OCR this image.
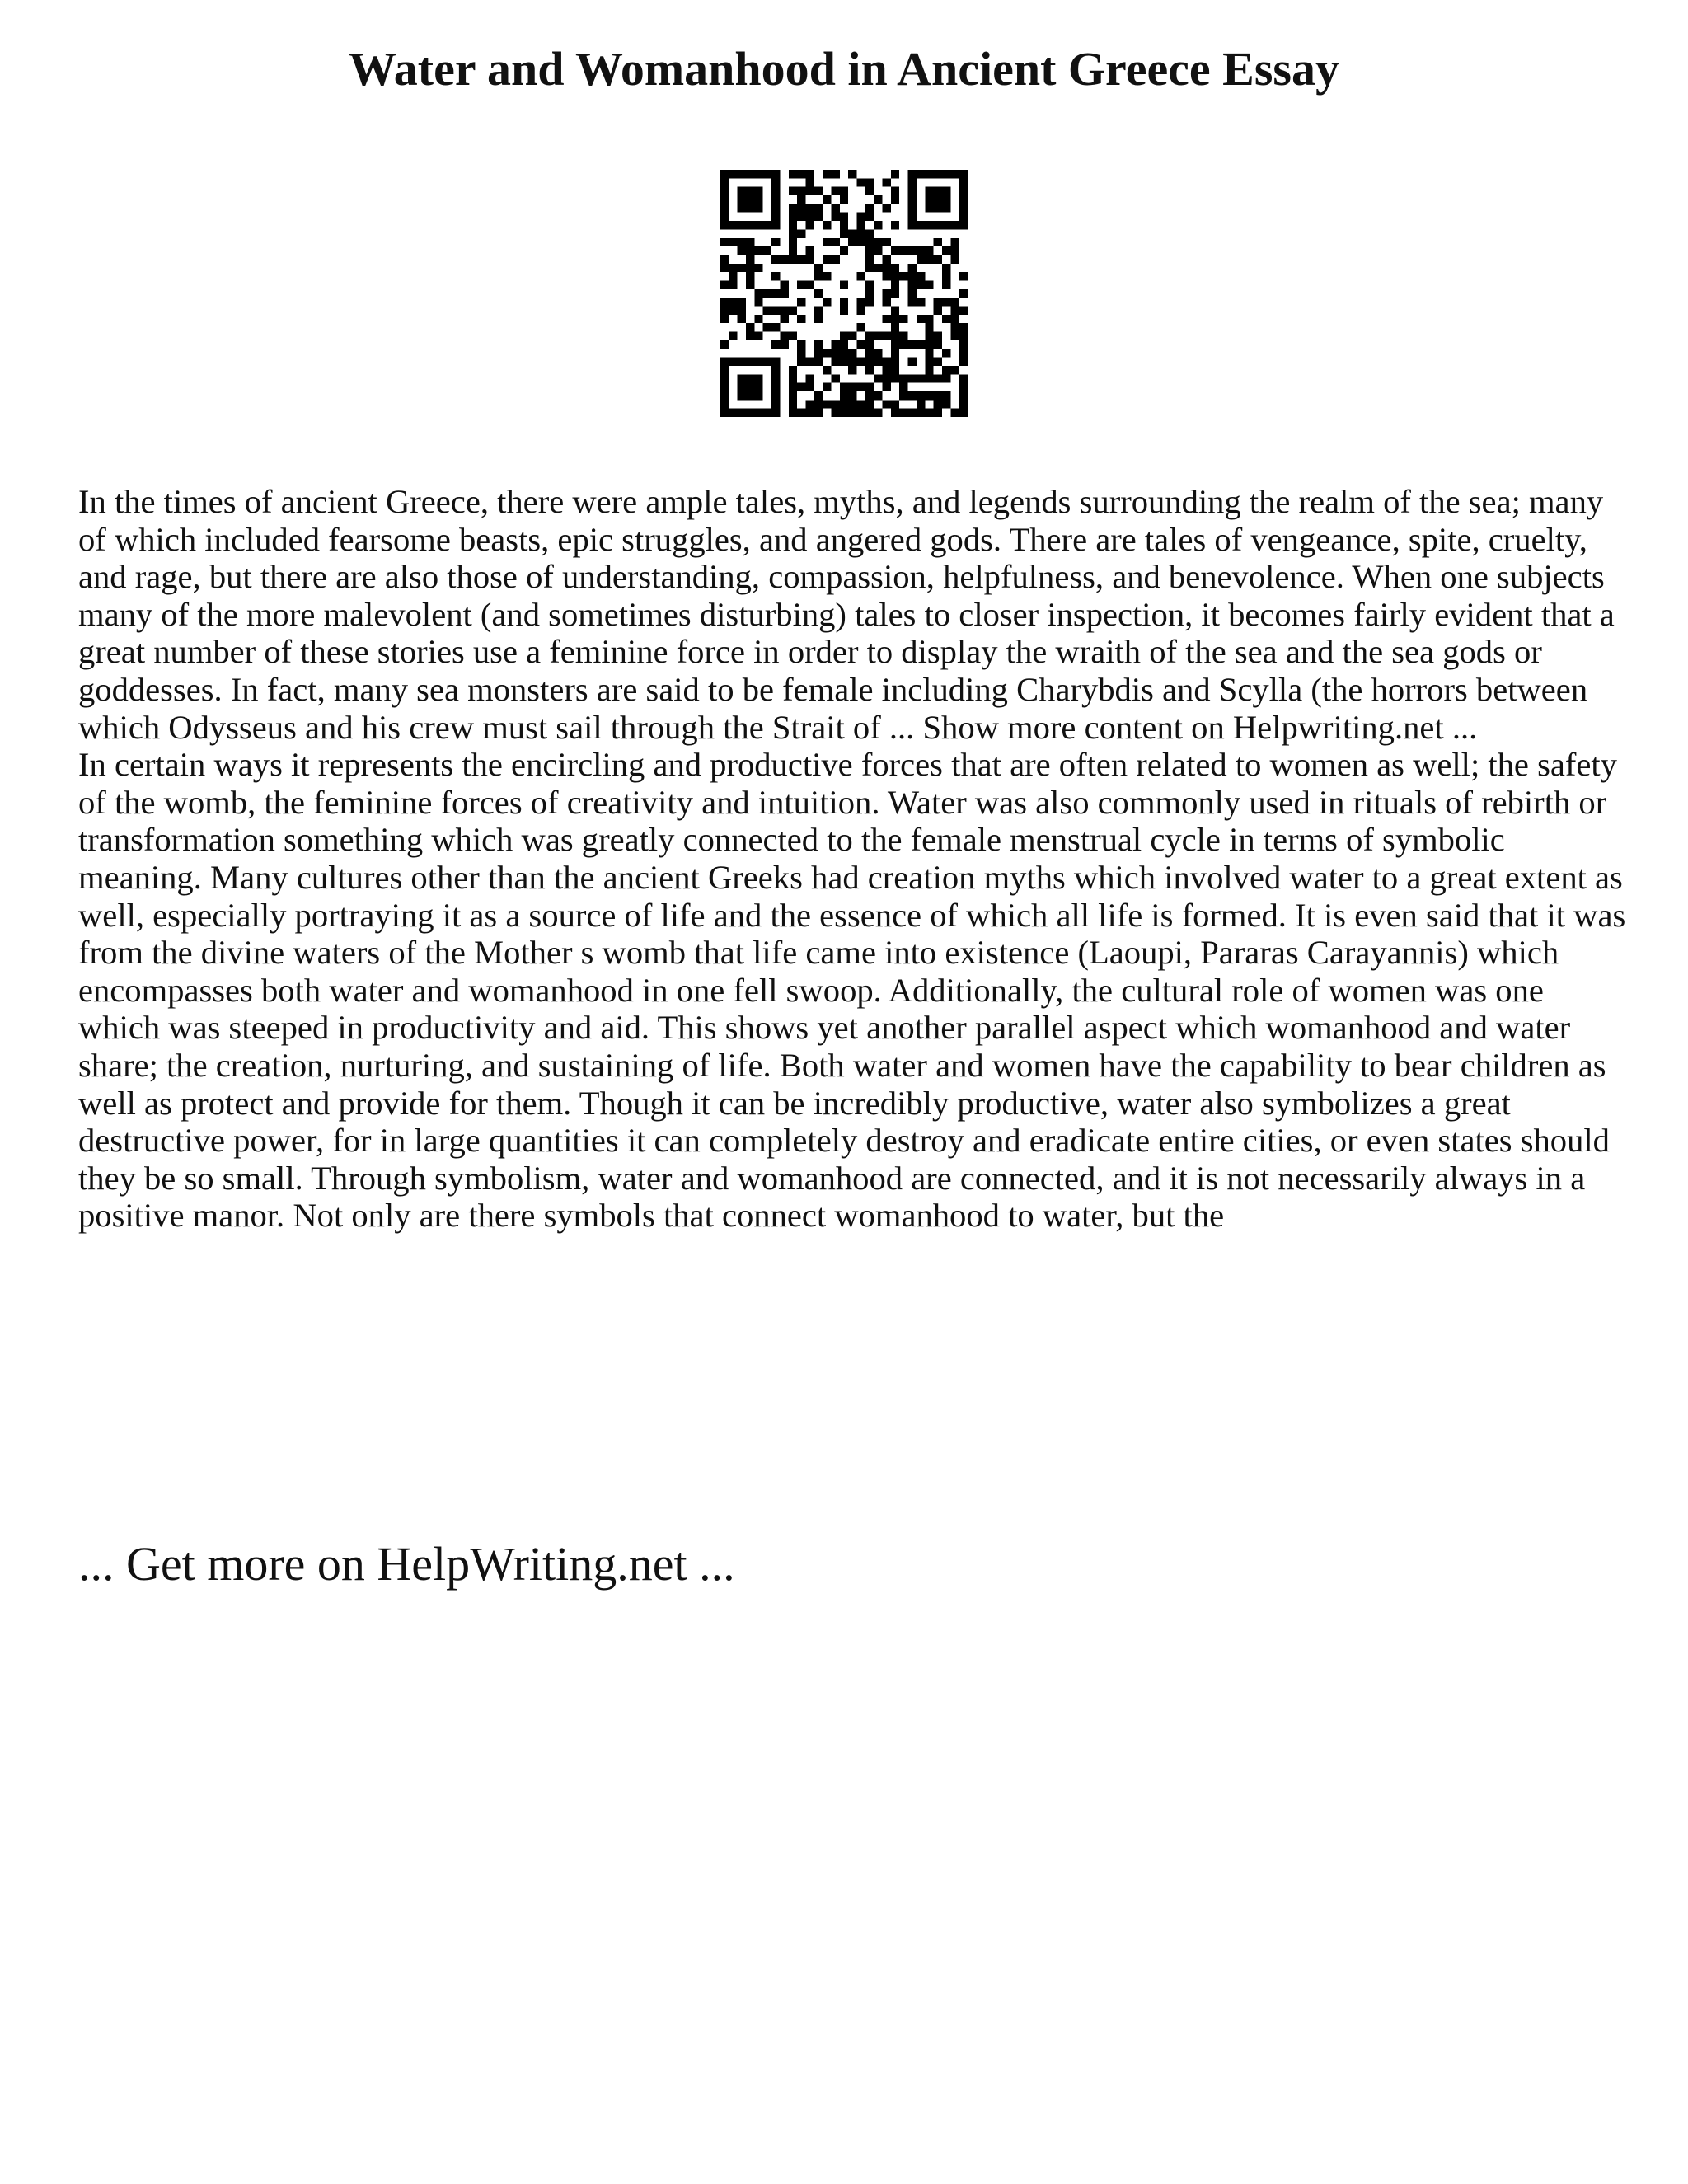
Water and Womanhood in Ancient Greece Essay

In the times of ancient Greece, there were ample tales, myths, and legends surrounding the realm of the sea; many of which included fearsome beasts, epic struggles, and angered gods. There are tales of vengeance, spite, cruelty, and rage, but there are also those of understanding, compassion, helpfulness, and benevolence. When one subjects many of the more malevolent (and sometimes disturbing) tales to closer inspection, it becomes fairly evident that a great number of these stories use a feminine force in order to display the wraith of the sea and the sea gods or goddesses. In fact, many sea monsters are said to be female including Charybdis and Scylla (the horrors between which Odysseus and his crew must sail through the Strait of ... Show more content on Helpwriting.net ...

In certain ways it represents the encircling and productive forces that are often related to women as well; the safety of the womb, the feminine forces of creativity and intuition. Water was also commonly used in rituals of rebirth or transformation something which was greatly connected to the female menstrual cycle in terms of symbolic meaning. Many cultures other than the ancient Greeks had creation myths which involved water to a great extent as well, especially portraying it as a source of life and the essence of which all life is formed. It is even said that it was from the divine waters of the Mother s womb that life came into existence (Laoupi, Pararas Carayannis) which encompasses both water and womanhood in one fell swoop. Additionally, the cultural role of women was one which was steeped in productivity and aid. This shows yet another parallel aspect which womanhood and water share; the creation, nurturing, and sustaining of life. Both water and women have the capability to bear children as well as protect and provide for them. Though it can be incredibly productive, water also symbolizes a great destructive power, for in large quantities it can completely destroy and eradicate entire cities, or even states should they be so small. Through symbolism, water and womanhood are connected, and it is not necessarily always in a positive manor. Not only are there symbols that connect womanhood to water, but the

... Get more on HelpWriting.net ...
